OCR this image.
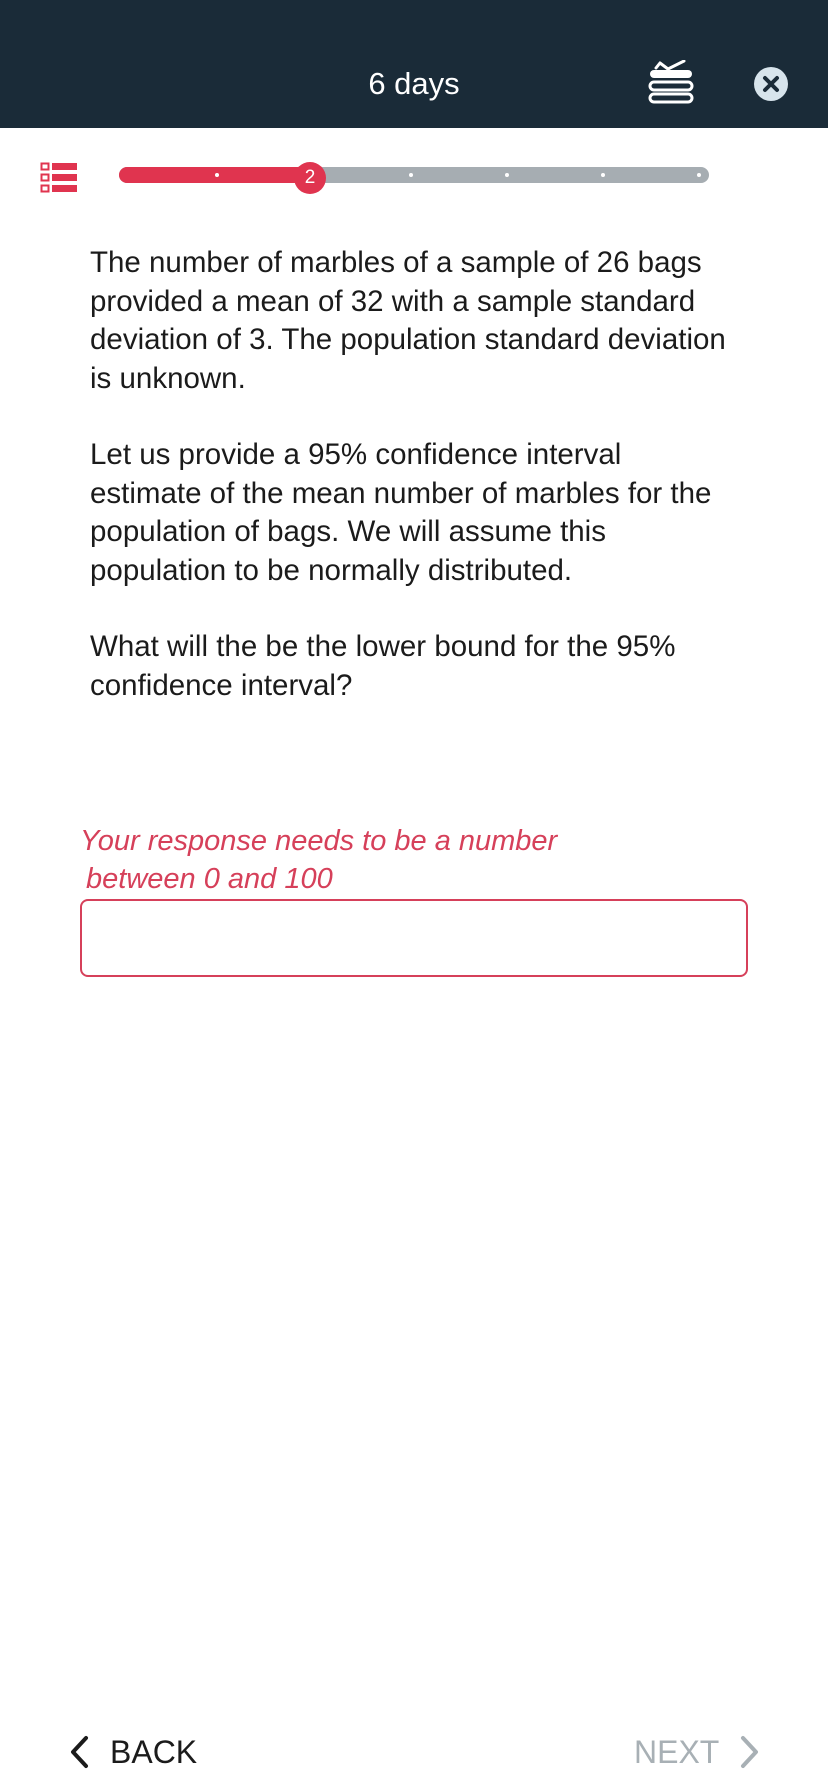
6 days
2

The number of marbles of a sample of 26 bags provided a mean of 32 with a sample standard deviation of 3. The population standard deviation is unknown.

Let us provide a 95% confidence interval estimate of the mean number of marbles for the population of bags. We will assume this population to be normally distributed.

What will the be the lower bound for the 95% confidence interval?

Your response needs to be a number
between 0 and 100
BACK	NEXT
